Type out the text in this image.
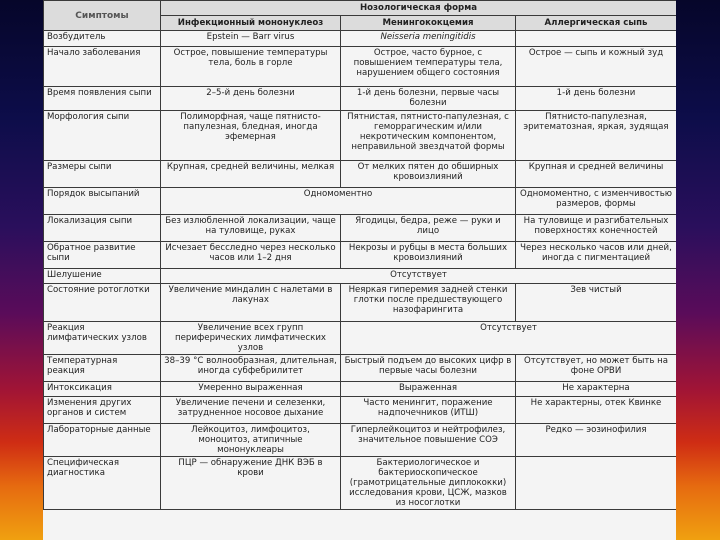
Симптомы	Нозологическая форма		
	Инфекционный мононуклеоз	Менингококцемия	Аллергическая сыпь
Возбудитель	Epstein — Barr virus	Neisseria meningitidis	
Начало заболевания	Острое, повышение температуры тела, боль в горле	Острое, часто бурное, с повышением температуры тела, нарушением общего состояния	Острое — сыпь и кожный зуд
Время появления сыпи	2–5-й день болезни	1-й день болезни, первые часы болезни	1-й день болезни
Морфология сыпи	Полиморфная, чаще пятнисто-папулезная, бледная, иногда эфемерная	Пятнистая, пятнисто-папулезная, с геморрагическим и/или некротическим компонентом, неправильной звездчатой формы	Пятнисто-папулезная, эритематозная, яркая, зудящая
Размеры сыпи	Крупная, средней величины, мелкая	От мелких пятен до обширных кровоизлияний	Крупная и средней величины
Порядок высыпаний	Одномоментно		Одномоментно, с изменчивостью размеров, формы
Локализация сыпи	Без излюбленной локализации, чаще на туловище, руках	Ягодицы, бедра, реже — руки и лицо	На туловище и разгибательных поверхностях конечностей
Обратное развитие сыпи	Исчезает бесследно через несколько часов или 1–2 дня	Некрозы и рубцы в места больших кровоизлияний	Через несколько часов или дней, иногда с пигментацией
Шелушение	Отсутствует		
Состояние ротоглотки	Увеличение миндалин с налетами в лакунах	Неяркая гиперемия задней стенки глотки после предшествующего назофарингита	Зев чистый
Реакция лимфатических узлов	Увеличение всех групп периферических лимфатических узлов	Отсутствует	
Температурная реакция	38–39 °С волнообразная, длительная, иногда субфебрилитет	Быстрый подъем до высоких цифр в первые часы болезни	Отсутствует, но может быть на фоне ОРВИ
Интоксикация	Умеренно выраженная	Выраженная	Не характерна
Изменения других органов и систем	Увеличение печени и селезенки, затрудненное носовое дыхание	Часто менингит, поражение надпочечников (ИТШ)	Не характерны, отек Квинке
Лабораторные данные	Лейкоцитоз, лимфоцитоз, моноцитоз, атипичные мононуклеары	Гиперлейкоцитоз и нейтрофилез, значительное повышение СОЭ	Редко — эозинофилия
Специфическая диагностика	ПЦР — обнаружение ДНК ВЭБ в крови	Бактериологическое и бактериоскопическое (грамотрицательные диплококки) исследования крови, ЦСЖ, мазков из носоглотки	
